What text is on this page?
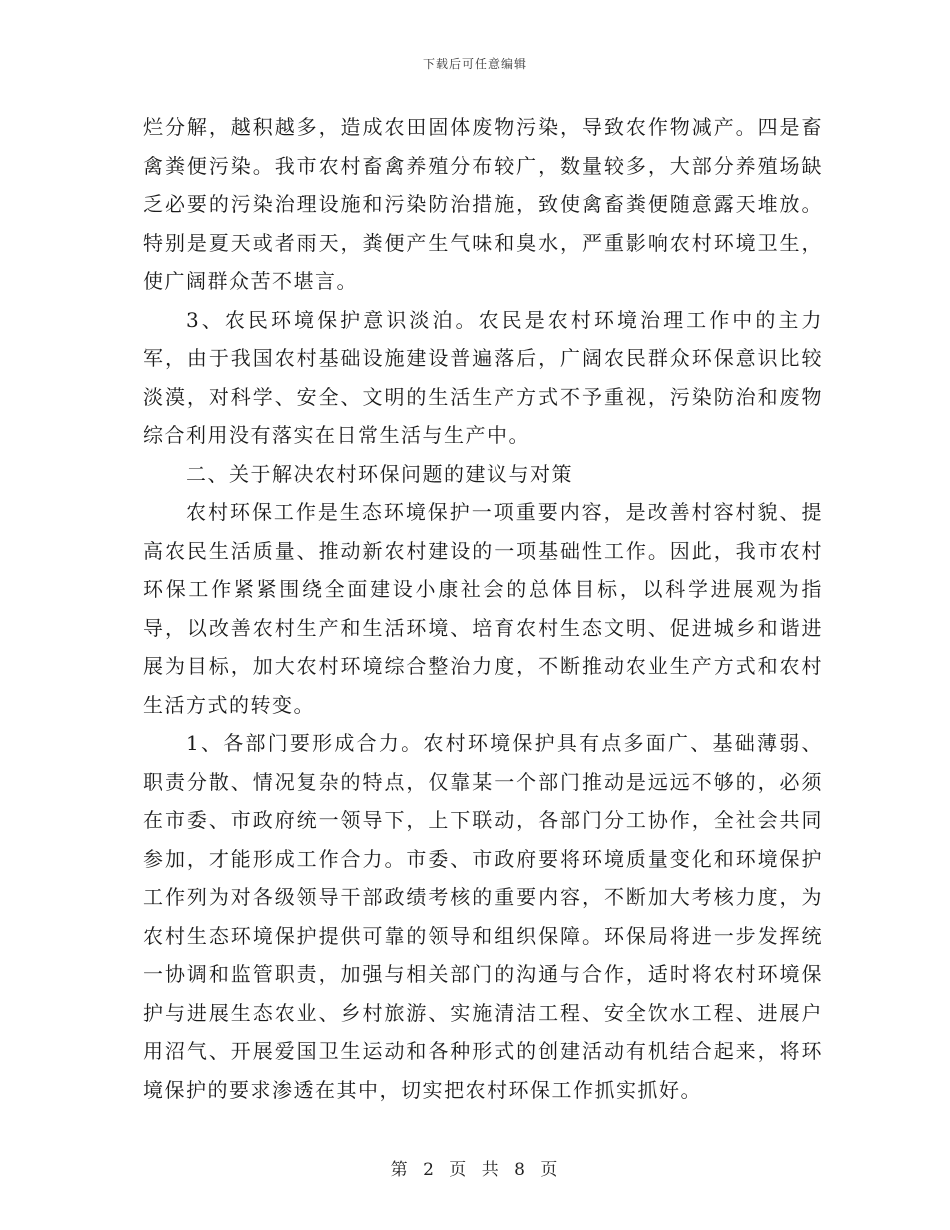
下载后可任意编辑

烂分解，越积越多，造成农田固体废物污染，导致农作物减产。四是畜禽粪便污染。我市农村畜禽养殖分布较广，数量较多，大部分养殖场缺乏必要的污染治理设施和污染防治措施，致使禽畜粪便随意露天堆放。特别是夏天或者雨天，粪便产生气味和臭水，严重影响农村环境卫生，使广阔群众苦不堪言。

3、农民环境保护意识淡泊。农民是农村环境治理工作中的主力军，由于我国农村基础设施建设普遍落后，广阔农民群众环保意识比较淡漠，对科学、安全、文明的生活生产方式不予重视，污染防治和废物综合利用没有落实在日常生活与生产中。

二、关于解决农村环保问题的建议与对策

农村环保工作是生态环境保护一项重要内容，是改善村容村貌、提高农民生活质量、推动新农村建设的一项基础性工作。因此，我市农村环保工作紧紧围绕全面建设小康社会的总体目标，以科学进展观为指导，以改善农村生产和生活环境、培育农村生态文明、促进城乡和谐进展为目标，加大农村环境综合整治力度，不断推动农业生产方式和农村生活方式的转变。

1、各部门要形成合力。农村环境保护具有点多面广、基础薄弱、职责分散、情况复杂的特点，仅靠某一个部门推动是远远不够的，必须在市委、市政府统一领导下，上下联动，各部门分工协作，全社会共同参加，才能形成工作合力。市委、市政府要将环境质量变化和环境保护工作列为对各级领导干部政绩考核的重要内容，不断加大考核力度，为农村生态环境保护提供可靠的领导和组织保障。环保局将进一步发挥统一协调和监管职责，加强与相关部门的沟通与合作，适时将农村环境保护与进展生态农业、乡村旅游、实施清洁工程、安全饮水工程、进展户用沼气、开展爱国卫生运动和各种形式的创建活动有机结合起来，将环境保护的要求渗透在其中，切实把农村环保工作抓实抓好。

第 2 页 共 8 页
